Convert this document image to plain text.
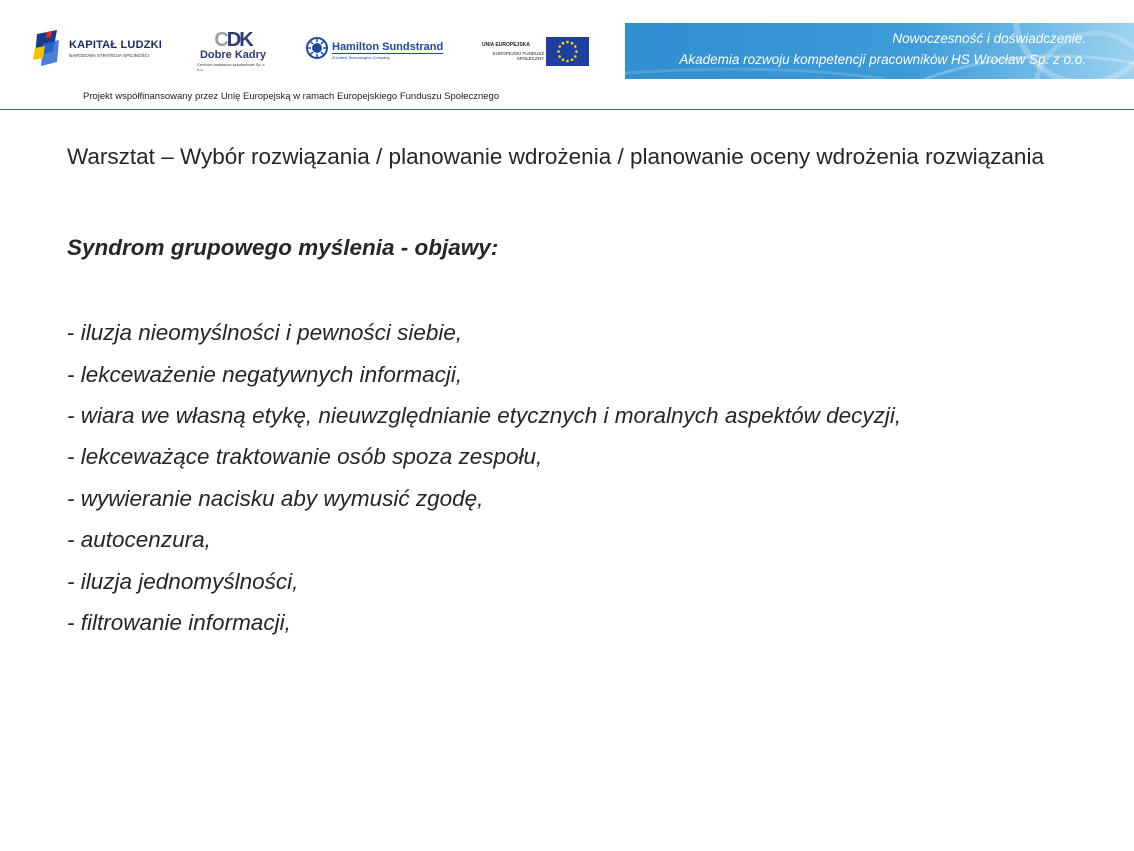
KAPITAŁ LUDZKI
NARODOWA STRATEGIA SPÓJNOŚCI
CDK
Dobre Kadry
Centrum badawczo-szkoleniowe Sp. z o.o.
Hamilton Sundstrand
A United Technologies Company
UNIA EUROPEJSKA
EUROPEJSKI FUNDUSZ SPOŁECZNY
Nowoczesność i doświadczenie.
Akademia rozwoju kompetencji pracowników HS Wrocław Sp. z o.o.
Projekt współfinansowany przez Unię Europejską w ramach Europejskiego Funduszu Społecznego
Warsztat – Wybór rozwiązania / planowanie wdrożenia / planowanie oceny wdrożenia rozwiązania
Syndrom grupowego myślenia - objawy:
- iluzja nieomyślności i pewności siebie,
- lekceważenie negatywnych informacji,
- wiara we własną etykę, nieuwzględnianie etycznych i moralnych aspektów decyzji,
- lekceważące traktowanie osób spoza zespołu,
- wywieranie nacisku aby wymusić zgodę,
- autocenzura,
- iluzja jednomyślności,
- filtrowanie informacji,
